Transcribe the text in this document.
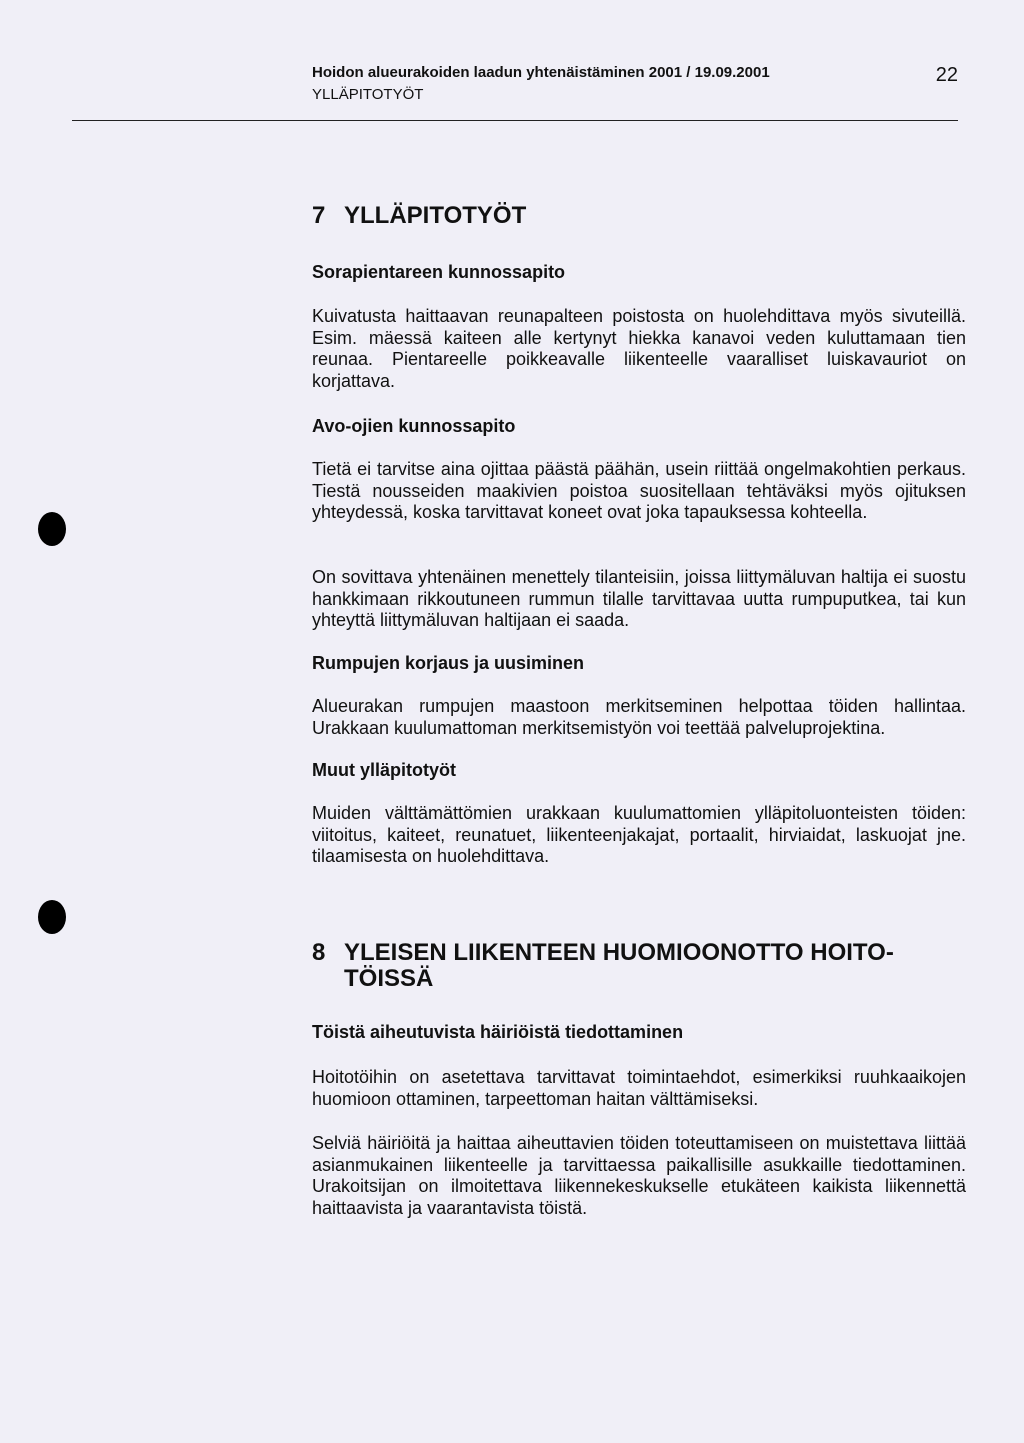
Hoidon alueurakoiden laadun yhtenäistäminen 2001 / 19.09.2001
YLLÄPITOTYÖT
22
7 YLLÄPITOTYÖT
Sorapientareen kunnossapito

Kuivatusta haittaavan reunapalteen poistosta on huolehdittava myös sivuteillä. Esim. mäessä kaiteen alle kertynyt hiekka kanavoi veden kuluttamaan tien reunaa. Pientareelle poikkeavalle liikenteelle vaaralliset luiskavauriot on korjattava.

Avo-ojien kunnossapito

Tietä ei tarvitse aina ojittaa päästä päähän, usein riittää ongelmakohtien perkaus. Tiestä nousseiden maakivien poistoa suositellaan tehtäväksi myös ojituksen yhteydessä, koska tarvittavat koneet ovat joka tapauksessa kohteella.

On sovittava yhtenäinen menettely tilanteisiin, joissa liittymäluvan haltija ei suostu hankkimaan rikkoutuneen rummun tilalle tarvittavaa uutta rumpuputkea, tai kun yhteyttä liittymäluvan haltijaan ei saada.

Rumpujen korjaus ja uusiminen

Alueurakan rumpujen maastoon merkitseminen helpottaa töiden hallintaa. Urakkaan kuulumattoman merkitsemistyön voi teettää palveluprojektina.

Muut ylläpitotyöt

Muiden välttämättömien urakkaan kuulumattomien ylläpitoluonteisten töiden: viitoitus, kaiteet, reunatuet, liikenteenjakajat, portaalit, hirviaidat, laskuojat jne. tilaamisesta on huolehdittava.

8 YLEISEN LIIKENTEEN HUOMIOONOTTO HOITO-
TÖISSÄ
Töistä aiheutuvista häiriöistä tiedottaminen

Hoitotöihin on asetettava tarvittavat toimintaehdot, esimerkiksi ruuhkaaikojen huomioon ottaminen, tarpeettoman haitan välttämiseksi.

Selviä häiriöitä ja haittaa aiheuttavien töiden toteuttamiseen on muistettava liittää asianmukainen liikenteelle ja tarvittaessa paikallisille asukkaille tiedottaminen. Urakoitsijan on ilmoitettava liikennekeskukselle etukäteen kaikista liikennettä haittaavista ja vaarantavista töistä.
